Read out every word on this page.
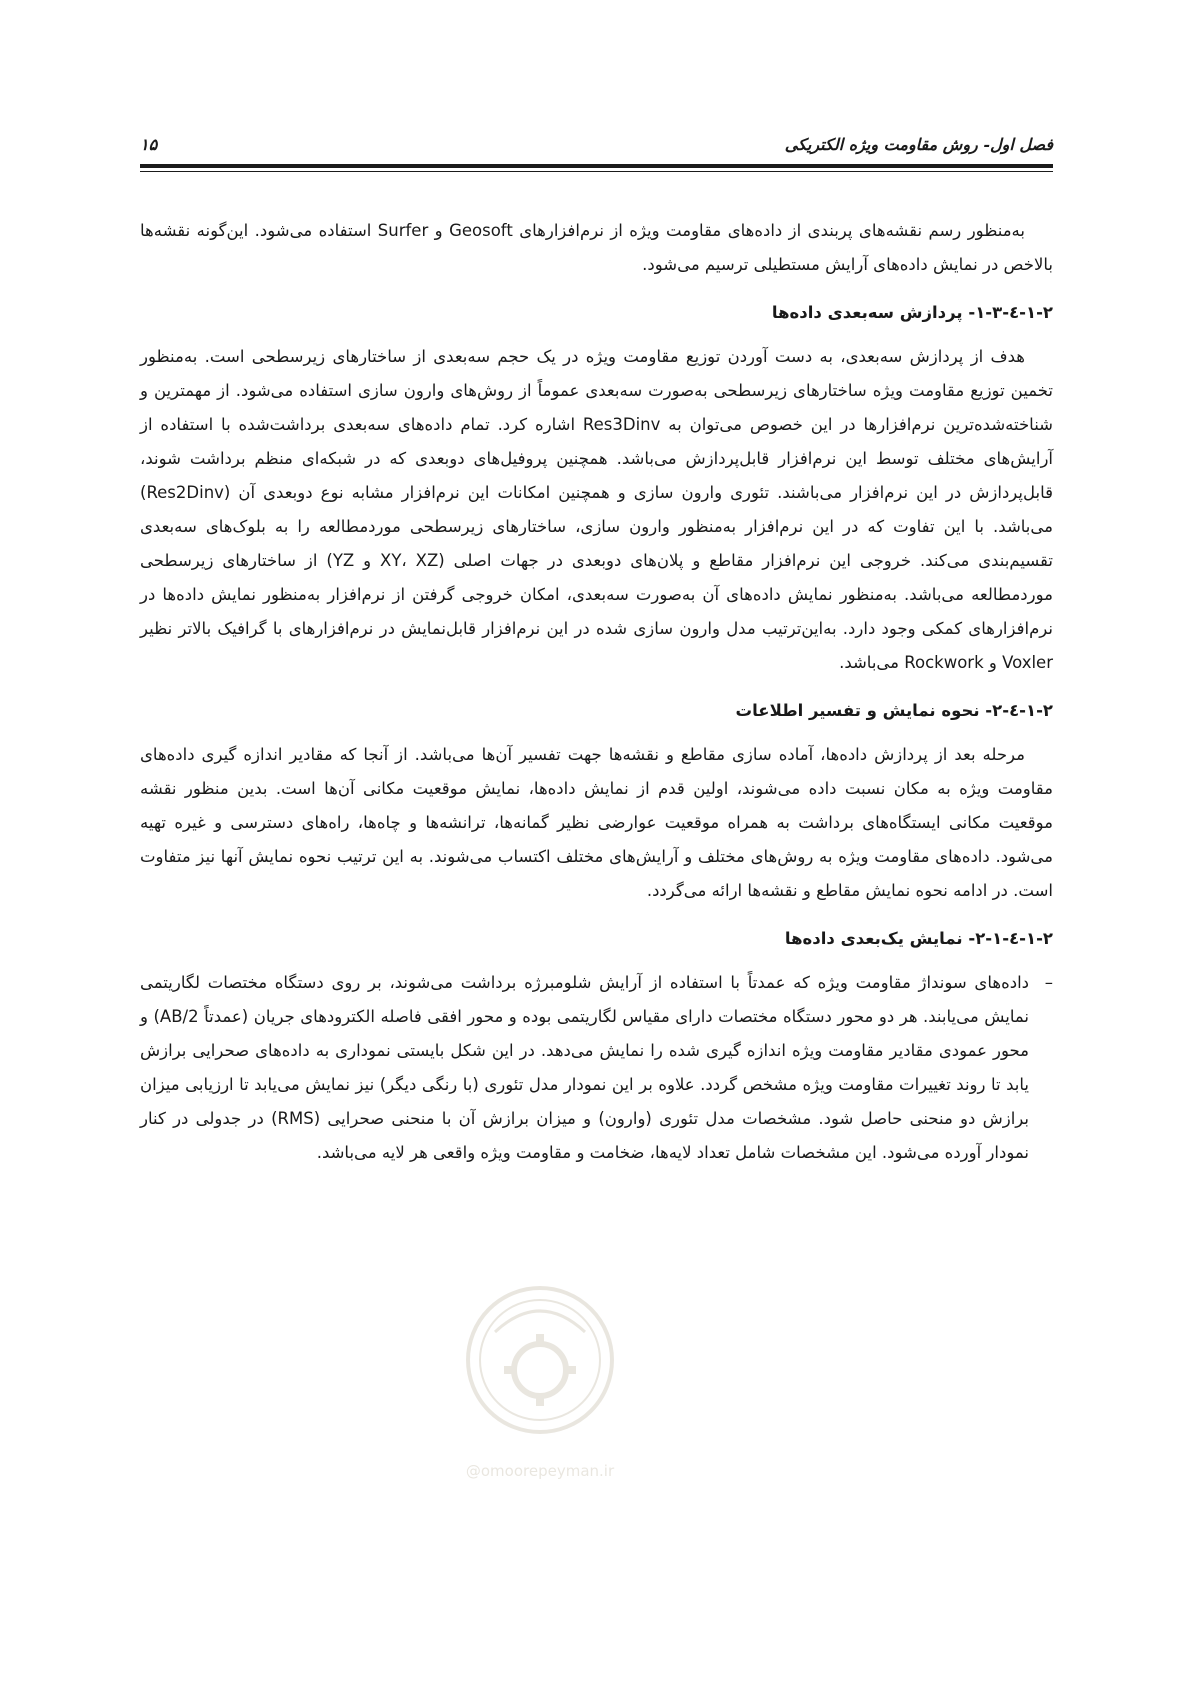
فصل اول- روش مقاومت ویژه الکتریکی
۱۵

به‌منظور رسم نقشه‌های پربندی از داده‌های مقاومت ویژه از نرم‌افزارهای Geosoft و Surfer استفاده می‌شود. این‌گونه نقشه‌ها بالاخص در نمایش داده‌های آرایش مستطیلی ترسیم می‌شود.

۱-۲-٤-۱-۳- پردازش سه‌بعدی داده‌ها

هدف از پردازش سه‌بعدی، به دست آوردن توزیع مقاومت ویژه در یک حجم سه‌بعدی از ساختارهای زیرسطحی است. به‌منظور تخمین توزیع مقاومت ویژه ساختارهای زیرسطحی به‌صورت سه‌بعدی عموماً از روش‌های وارون سازی استفاده می‌شود. از مهمترین و شناخته‌شده‌ترین نرم‌افزارها در این خصوص می‌توان به Res3Dinv اشاره کرد. تمام داده‌های سه‌بعدی برداشت‌شده با استفاده از آرایش‌های مختلف توسط این نرم‌افزار قابل‌پردازش می‌باشد. همچنین پروفیل‌های دوبعدی که در شبکه‌ای منظم برداشت شوند، قابل‌پردازش در این نرم‌افزار می‌باشند. تئوری وارون سازی و همچنین امکانات این نرم‌افزار مشابه نوع دوبعدی آن (Res2Dinv) می‌باشد. با این تفاوت که در این نرم‌افزار به‌منظور وارون سازی، ساختارهای زیرسطحی موردمطالعه را به بلوک‌های سه‌بعدی تقسیم‌بندی می‌کند. خروجی این نرم‌افزار مقاطع و پلان‌های دوبعدی در جهات اصلی (XY، XZ و YZ) از ساختارهای زیرسطحی موردمطالعه می‌باشد. به‌منظور نمایش داده‌های آن به‌صورت سه‌بعدی، امکان خروجی گرفتن از نرم‌افزار به‌منظور نمایش داده‌ها در نرم‌افزارهای کمکی وجود دارد. به‌این‌ترتیب مدل وارون سازی شده در این نرم‌افزار قابل‌نمایش در نرم‌افزارهای با گرافیک بالاتر نظیر Voxler و Rockwork می‌باشد.

۱-۲-٤-۲- نحوه نمایش و تفسیر اطلاعات

مرحله بعد از پردازش داده‌ها، آماده سازی مقاطع و نقشه‌ها جهت تفسیر آن‌ها می‌باشد. از آنجا که مقادیر اندازه گیری داده‌های مقاومت ویژه به مکان نسبت داده می‌شوند، اولین قدم از نمایش داده‌ها، نمایش موقعیت مکانی آن‌ها است. بدین منظور نقشه موقعیت مکانی ایستگاه‌های برداشت به همراه موقعیت عوارضی نظیر گمانه‌ها، ترانشه‌ها و چاه‌ها، راه‌های دسترسی و غیره تهیه می‌شود. داده‌های مقاومت ویژه به روش‌های مختلف و آرایش‌های مختلف اکتساب می‌شوند. به این ترتیب نحوه نمایش آنها نیز متفاوت است. در ادامه نحوه نمایش مقاطع و نقشه‌ها ارائه می‌گردد.

۱-۲-٤-۲-۱- نمایش یک‌بعدی داده‌ها
–
داده‌های سونداژ مقاومت ویژه که عمدتاً با استفاده از آرایش شلومبرژه برداشت می‌شوند، بر روی دستگاه مختصات لگاریتمی نمایش می‌یابند. هر دو محور دستگاه مختصات دارای مقیاس لگاریتمی بوده و محور افقی فاصله الکترودهای جریان (عمدتاً AB/2) و محور عمودی مقادیر مقاومت ویژه اندازه گیری شده را نمایش می‌دهد. در این شکل بایستی نموداری به داده‌های صحرایی برازش یابد تا روند تغییرات مقاومت ویژه مشخص گردد. علاوه بر این نمودار مدل تئوری (با رنگی دیگر) نیز نمایش می‌یابد تا ارزیابی میزان برازش دو منحنی حاصل شود. مشخصات مدل تئوری (وارون) و میزان برازش آن با منحنی صحرایی (RMS) در جدولی در کنار نمودار آورده می‌شود. این مشخصات شامل تعداد لایه‌ها، ضخامت و مقاومت ویژه واقعی هر لایه می‌باشد.
@omoorepeyman.ir
